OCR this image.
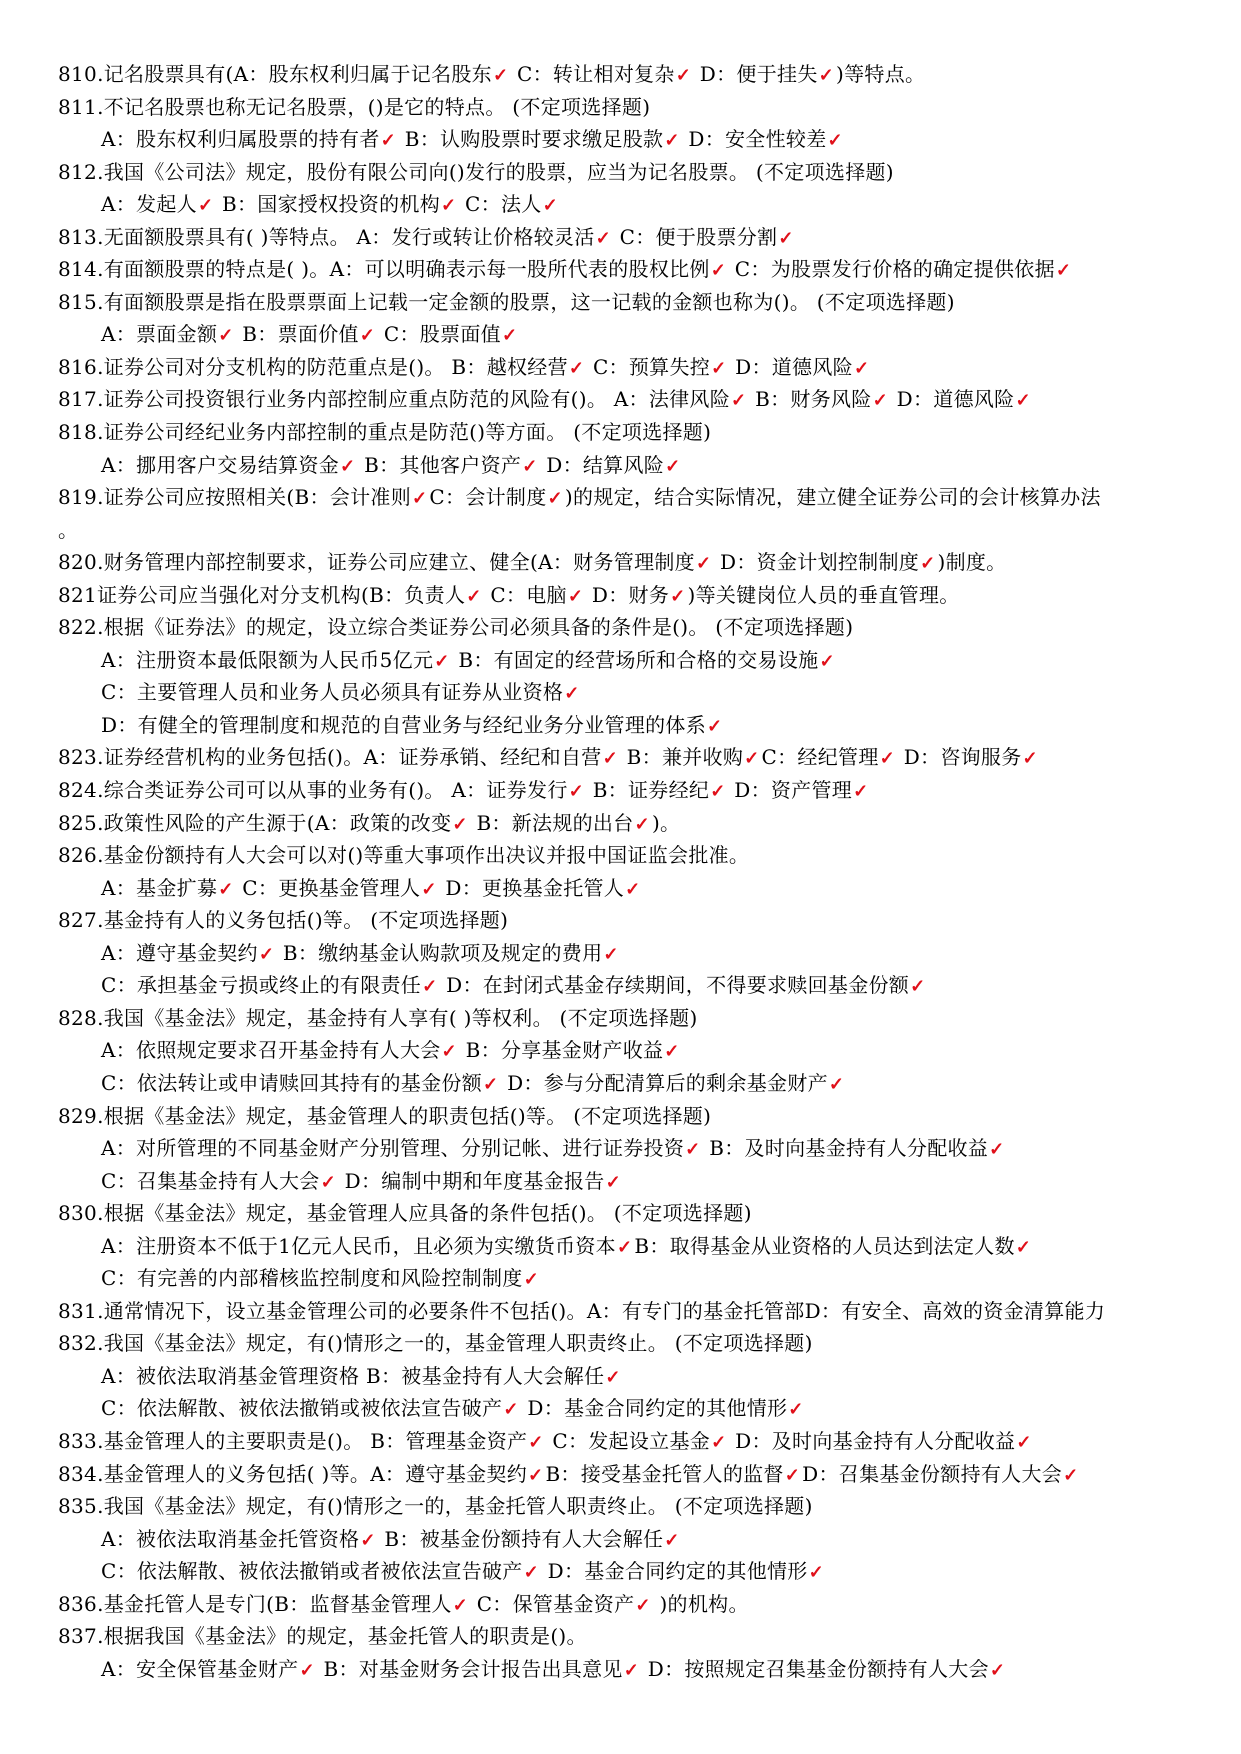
810.记名股票具有(A：股东权利归属于记名股东✓ C：转让相对复杂✓ D：便于挂失✓ )等特点。
811.不记名股票也称无记名股票，()是它的特点。 (不定项选择题)
A：股东权利归属股票的持有者✓ B：认购股票时要求缴足股款✓ D：安全性较差✓
812.我国《公司法》规定，股份有限公司向()发行的股票，应当为记名股票。 (不定项选择题)
A：发起人✓ B：国家授权投资的机构✓ C：法人✓
813.无面额股票具有( )等特点。 A：发行或转让价格较灵活✓ C：便于股票分割✓
814.有面额股票的特点是( )。A：可以明确表示每一股所代表的股权比例✓ C：为股票发行价格的确定提供依据✓
815.有面额股票是指在股票票面上记载一定金额的股票，这一记载的金额也称为()。 (不定项选择题)
A：票面金额✓ B：票面价值✓ C：股票面值✓
816.证券公司对分支机构的防范重点是()。 B：越权经营✓ C：预算失控✓ D：道德风险✓
817.证券公司投资银行业务内部控制应重点防范的风险有()。 A：法律风险✓ B：财务风险✓ D：道德风险✓
818.证券公司经纪业务内部控制的重点是防范()等方面。 (不定项选择题)
A：挪用客户交易结算资金✓ B：其他客户资产✓ D：结算风险✓
819.证券公司应按照相关(B：会计准则✓ C：会计制度✓ )的规定，结合实际情况，建立健全证券公司的会计核算办法
。
820.财务管理内部控制要求，证券公司应建立、健全(A：财务管理制度✓ D：资金计划控制制度✓ )制度。
821证券公司应当强化对分支机构(B：负责人✓ C：电脑✓ D：财务✓ )等关键岗位人员的垂直管理。
822.根据《证券法》的规定，设立综合类证券公司必须具备的条件是()。 (不定项选择题)
A：注册资本最低限额为人民币5亿元✓ B：有固定的经营场所和合格的交易设施✓
C：主要管理人员和业务人员必须具有证券从业资格✓
D：有健全的管理制度和规范的自营业务与经纪业务分业管理的体系✓
823.证券经营机构的业务包括()。A：证券承销、经纪和自营✓ B：兼并收购✓ C：经纪管理✓ D：咨询服务✓
824.综合类证券公司可以从事的业务有()。 A：证券发行✓ B：证券经纪✓ D：资产管理✓
825.政策性风险的产生源于(A：政策的改变✓ B：新法规的出台✓ )。
826.基金份额持有人大会可以对()等重大事项作出决议并报中国证监会批准。
A：基金扩募✓ C：更换基金管理人✓ D：更换基金托管人✓
827.基金持有人的义务包括()等。 (不定项选择题)
A：遵守基金契约✓ B：缴纳基金认购款项及规定的费用✓
C：承担基金亏损或终止的有限责任✓ D：在封闭式基金存续期间，不得要求赎回基金份额✓
828.我国《基金法》规定，基金持有人享有( )等权利。 (不定项选择题)
A：依照规定要求召开基金持有人大会✓ B：分享基金财产收益✓
C：依法转让或申请赎回其持有的基金份额✓ D：参与分配清算后的剩余基金财产✓
829.根据《基金法》规定，基金管理人的职责包括()等。 (不定项选择题)
A：对所管理的不同基金财产分别管理、分别记帐、进行证券投资✓ B：及时向基金持有人分配收益✓
C：召集基金持有人大会✓ D：编制中期和年度基金报告✓
830.根据《基金法》规定，基金管理人应具备的条件包括()。 (不定项选择题)
A：注册资本不低于1亿元人民币，且必须为实缴货币资本✓ B：取得基金从业资格的人员达到法定人数✓
C：有完善的内部稽核监控制度和风险控制制度✓
831.通常情况下，设立基金管理公司的必要条件不包括()。A：有专门的基金托管部D：有安全、高效的资金清算能力
832.我国《基金法》规定，有()情形之一的，基金管理人职责终止。 (不定项选择题)
A：被依法取消基金管理资格 B：被基金持有人大会解任✓
C：依法解散、被依法撤销或被依法宣告破产✓ D：基金合同约定的其他情形✓
833.基金管理人的主要职责是()。 B：管理基金资产✓ C：发起设立基金✓ D：及时向基金持有人分配收益✓
834.基金管理人的义务包括( )等。A：遵守基金契约✓ B：接受基金托管人的监督✓ D：召集基金份额持有人大会✓
835.我国《基金法》规定，有()情形之一的，基金托管人职责终止。 (不定项选择题)
A：被依法取消基金托管资格✓ B：被基金份额持有人大会解任✓
C：依法解散、被依法撤销或者被依法宣告破产✓ D：基金合同约定的其他情形✓
836.基金托管人是专门(B：监督基金管理人✓ C：保管基金资产✓ )的机构。
837.根据我国《基金法》的规定，基金托管人的职责是()。
A：安全保管基金财产✓ B：对基金财务会计报告出具意见✓ D：按照规定召集基金份额持有人大会✓
